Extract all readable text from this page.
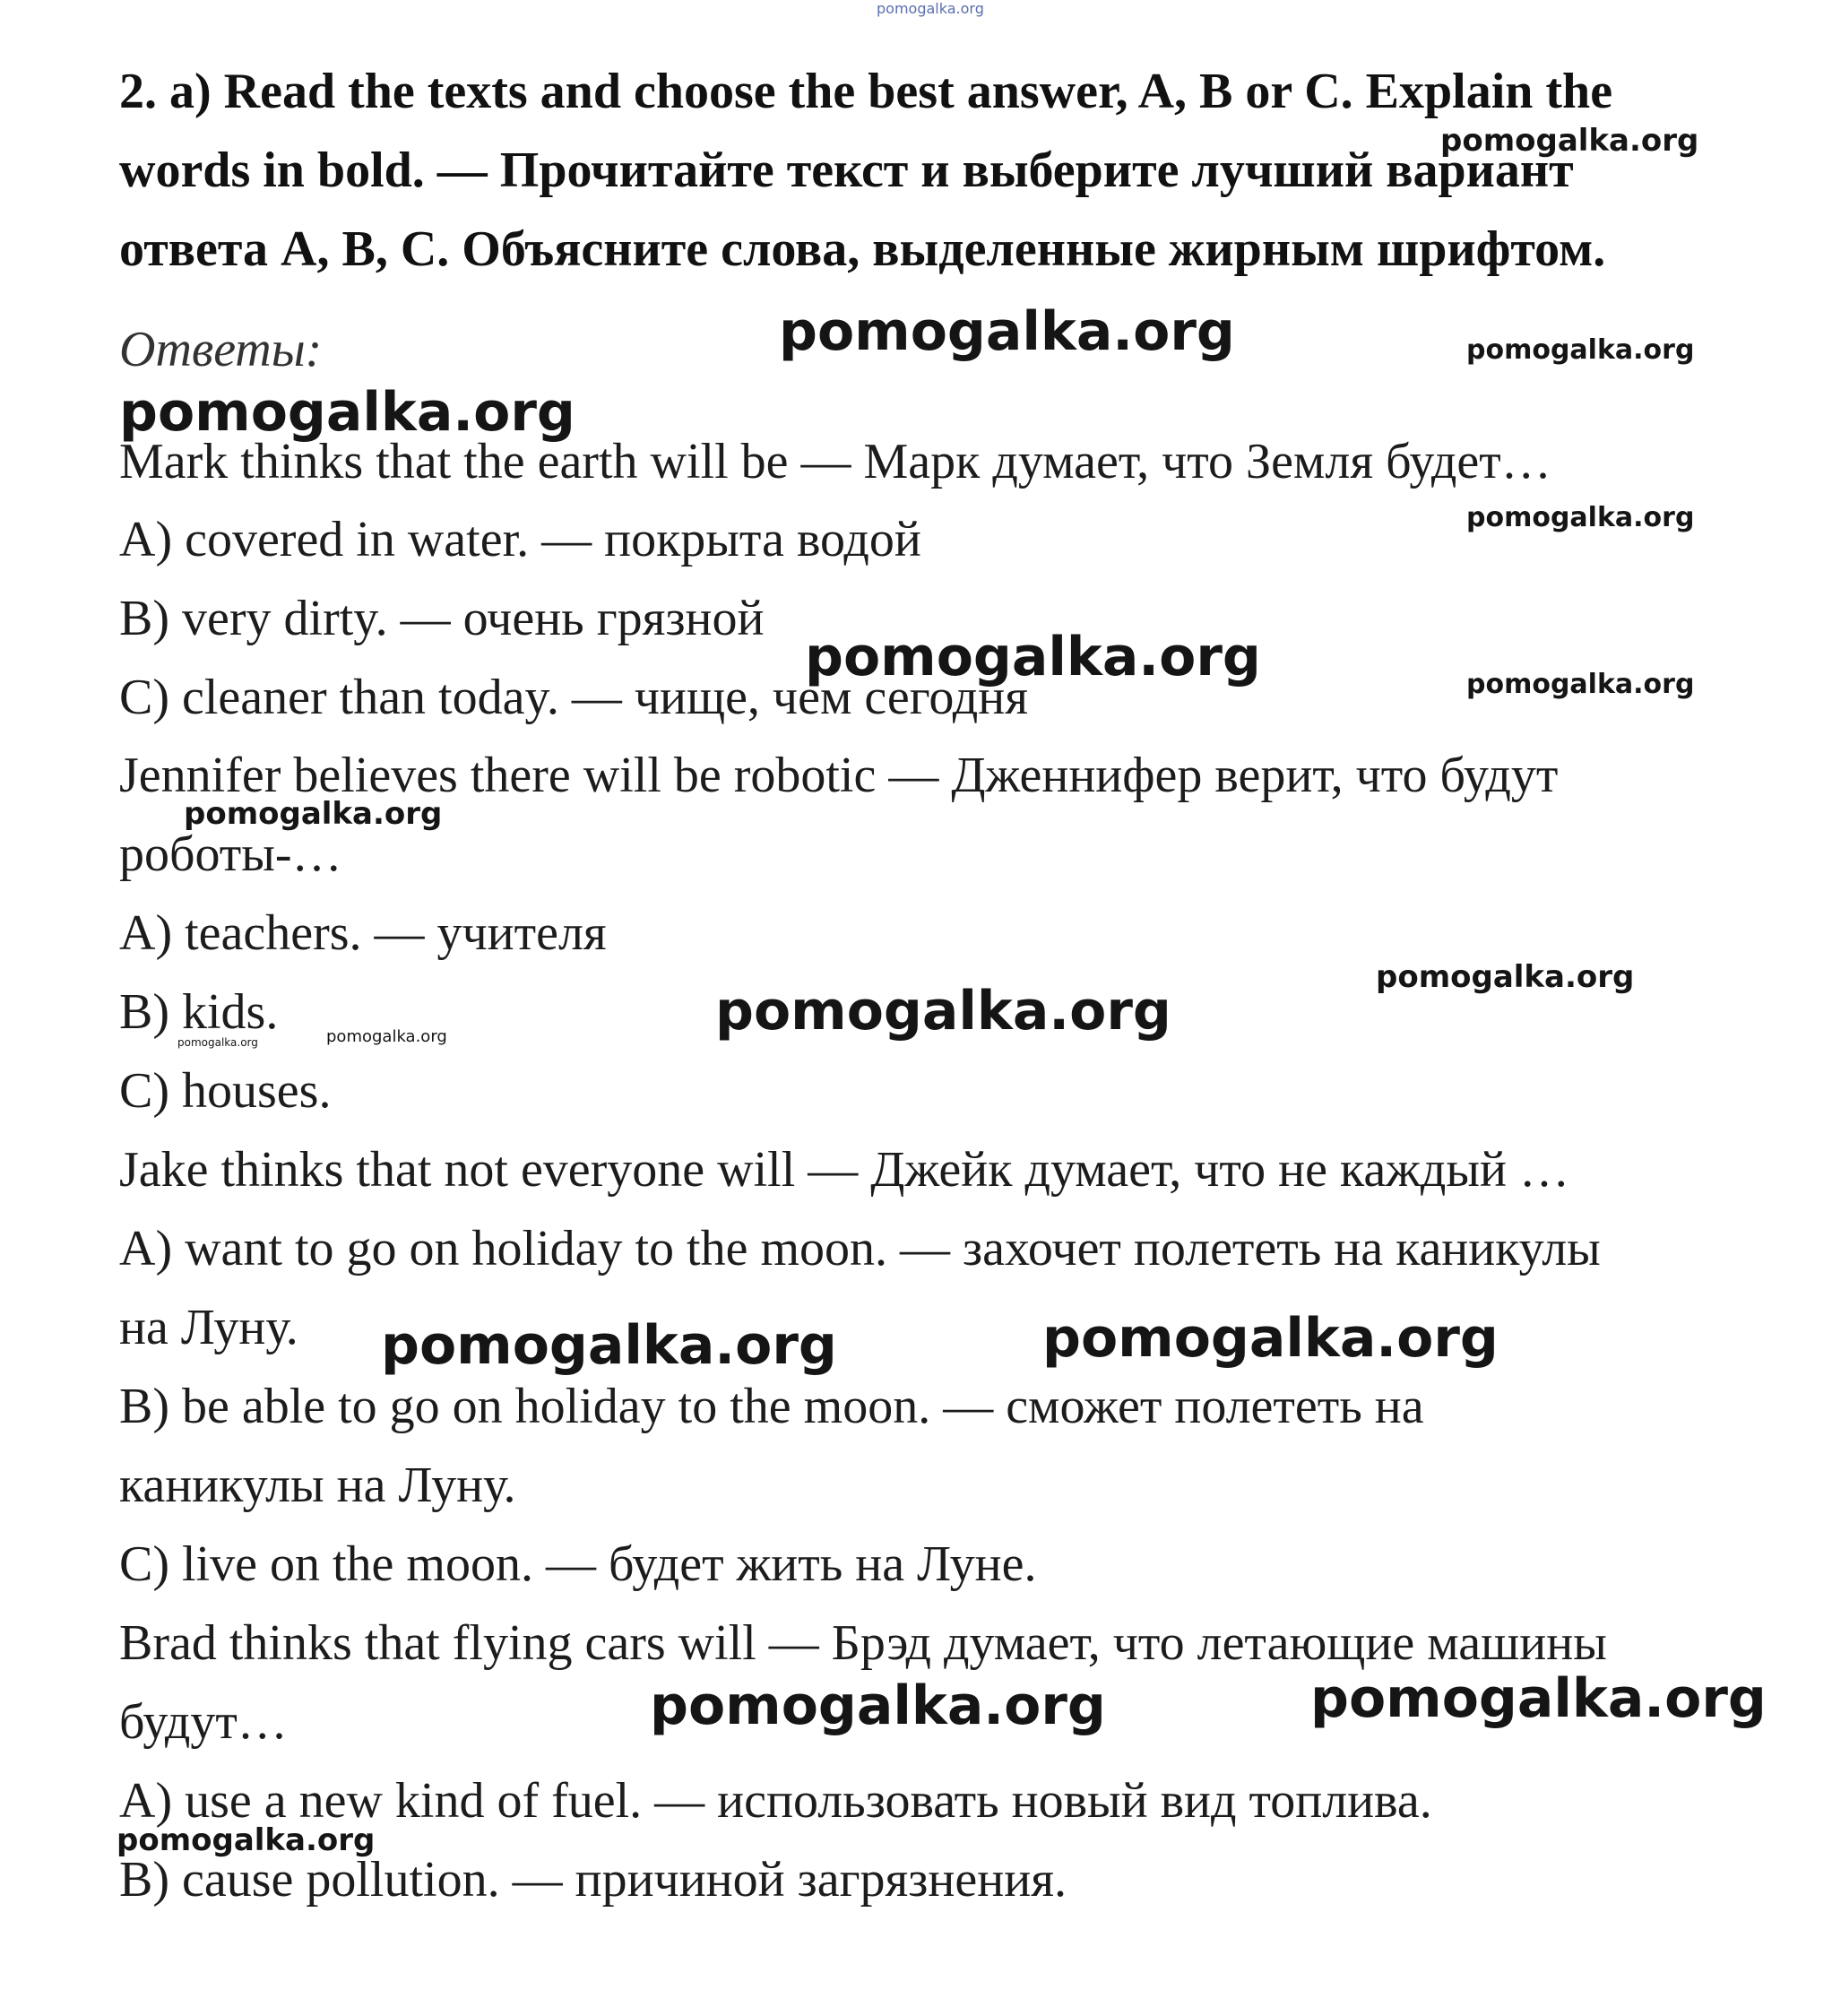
pomogalka.org
2. a) Read the texts and choose the best answer, A, B or C. Explain the words in bold. — Прочитайте текст и выберите лучший вариант ответа A, B, C. Объясните слова, выделенные жирным шрифтом.

Ответы:

Mark thinks that the earth will be — Марк думает, что Земля будет…

A) covered in water. — покрыта водой

B) very dirty. — очень грязной

C) cleaner than today. — чище, чем сегодня

Jennifer believes there will be robotic — Дженнифер верит, что будут

роботы-…

A) teachers. — учителя

B) kids.

C) houses.

Jake thinks that not everyone will — Джейк думает, что не каждый …

A) want to go on holiday to the moon. — захочет полететь на каникулы

на Луну.

B) be able to go on holiday to the moon. — сможет полететь на

каникулы на Луну.

C) live on the moon. — будет жить на Луне.

Brad thinks that flying cars will — Брэд думает, что летающие машины

будут…

A) use a new kind of fuel. — использовать новый вид топлива.

B) cause pollution. — причиной загрязнения.

pomogalka.org
pomogalka.org	pomogalka.org
pomogalka.org
pomogalka.org
pomogalka.org	pomogalka.org
pomogalka.org
pomogalka.org
pomogalka.org
pomogalka.org	pomogalka.org
pomogalka.org	pomogalka.org
pomogalka.org	pomogalka.org
pomogalka.org
